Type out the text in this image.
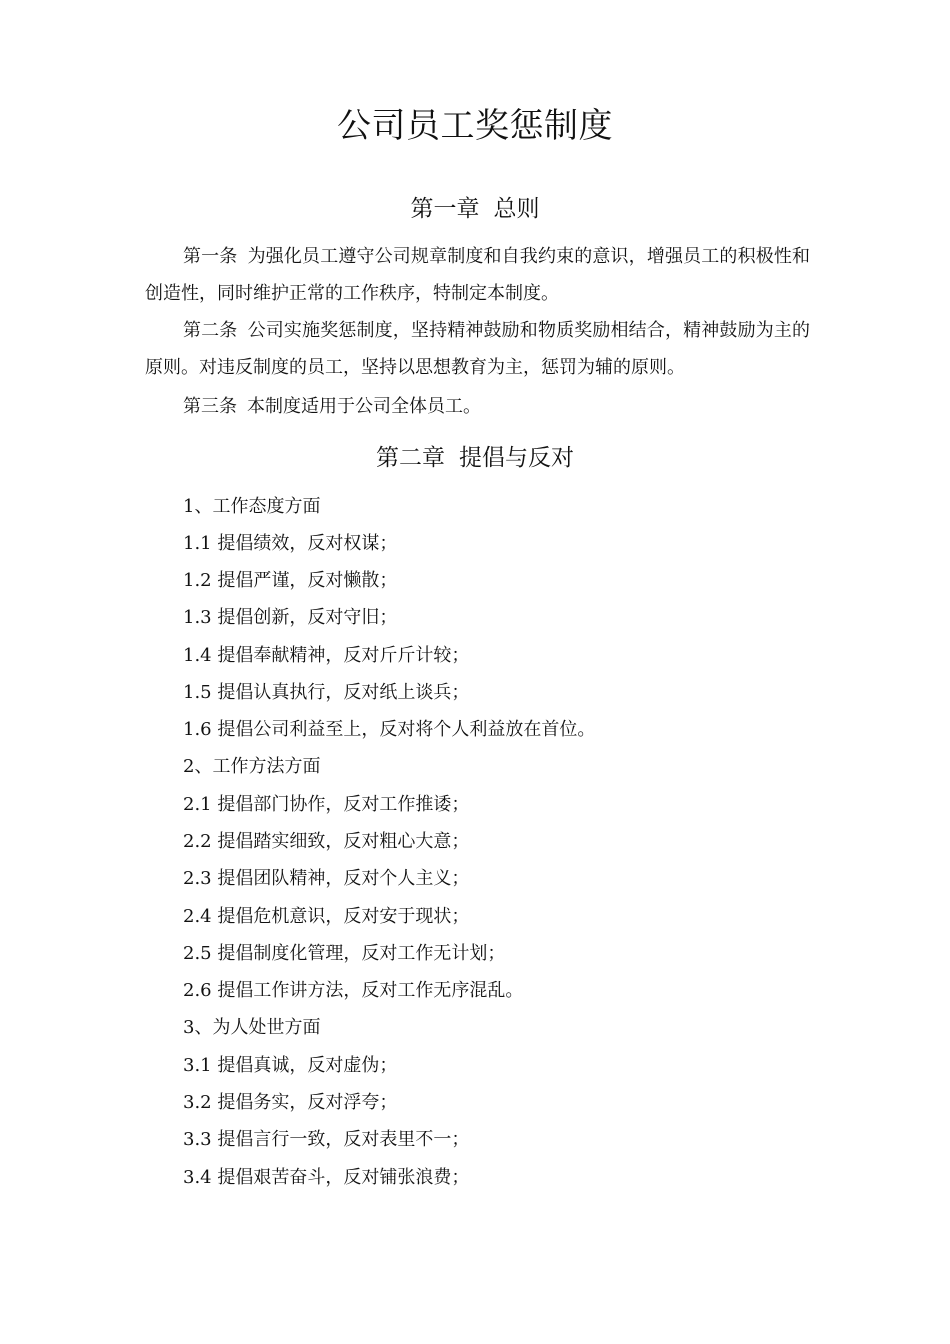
公司员工奖惩制度
第一章 总则

第一条 为强化员工遵守公司规章制度和自我约束的意识，增强员工的积极性和创造性，同时维护正常的工作秩序，特制定本制度。

第二条 公司实施奖惩制度，坚持精神鼓励和物质奖励相结合，精神鼓励为主的原则。对违反制度的员工，坚持以思想教育为主，惩罚为辅的原则。

第三条 本制度适用于公司全体员工。

第二章 提倡与反对

1、工作态度方面

1.1 提倡绩效，反对权谋；

1.2 提倡严谨，反对懒散；

1.3 提倡创新，反对守旧；

1.4 提倡奉献精神，反对斤斤计较；

1.5 提倡认真执行，反对纸上谈兵；

1.6 提倡公司利益至上，反对将个人利益放在首位。

2、工作方法方面

2.1 提倡部门协作，反对工作推诿；

2.2 提倡踏实细致，反对粗心大意；

2.3 提倡团队精神，反对个人主义；

2.4 提倡危机意识，反对安于现状；

2.5 提倡制度化管理，反对工作无计划；

2.6 提倡工作讲方法，反对工作无序混乱。

3、为人处世方面

3.1 提倡真诚，反对虚伪；

3.2 提倡务实，反对浮夸；

3.3 提倡言行一致，反对表里不一；

3.4 提倡艰苦奋斗，反对铺张浪费；
